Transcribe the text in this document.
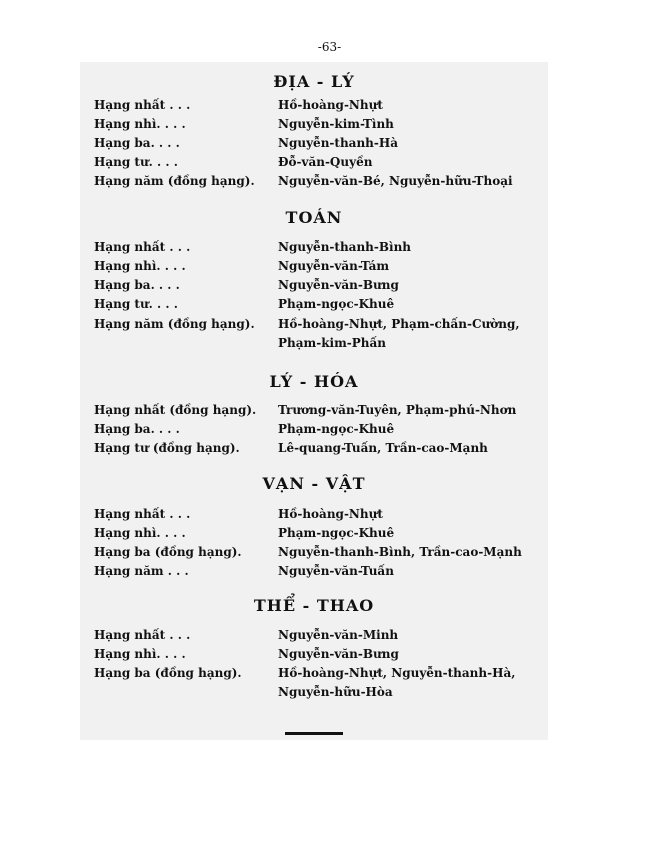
-63-
ĐỊA - LÝ
Hạng nhất . . .	Hồ-hoàng-Nhựt
Hạng nhì. . . .	Nguyễn-kim-Tình
Hạng ba. . . .	Nguyễn-thanh-Hà
Hạng tư. . . .	Đỗ-văn-Quyền
Hạng năm (đồng hạng).	Nguyễn-văn-Bé, Nguyễn-hữu-Thoại
TOÁN
Hạng nhất . . .	Nguyễn-thanh-Bình
Hạng nhì. . . .	Nguyễn-văn-Tám
Hạng ba. . . .	Nguyễn-văn-Bưng
Hạng tư. . . .	Phạm-ngọc-Khuê
Hạng năm (đồng hạng).	Hồ-hoàng-Nhựt, Phạm-chấn-Cường,
Phạm-kim-Phấn
LÝ - HÓA
Hạng nhất (đồng hạng).	Trương-văn-Tuyên, Phạm-phú-Nhơn
Hạng ba. . . .	Phạm-ngọc-Khuê
Hạng tư (đồng hạng).	Lê-quang-Tuấn, Trần-cao-Mạnh
VẠN - VẬT
Hạng nhất . . .	Hồ-hoàng-Nhựt
Hạng nhì. . . .	Phạm-ngọc-Khuê
Hạng ba (đồng hạng).	Nguyễn-thanh-Bình, Trần-cao-Mạnh
Hạng năm . . .	Nguyễn-văn-Tuấn
THỂ - THAO
Hạng nhất . . .	Nguyễn-văn-Minh
Hạng nhì. . . .	Nguyễn-văn-Bưng
Hạng ba (đồng hạng).	Hồ-hoàng-Nhựt, Nguyễn-thanh-Hà,
Nguyễn-hữu-Hòa
